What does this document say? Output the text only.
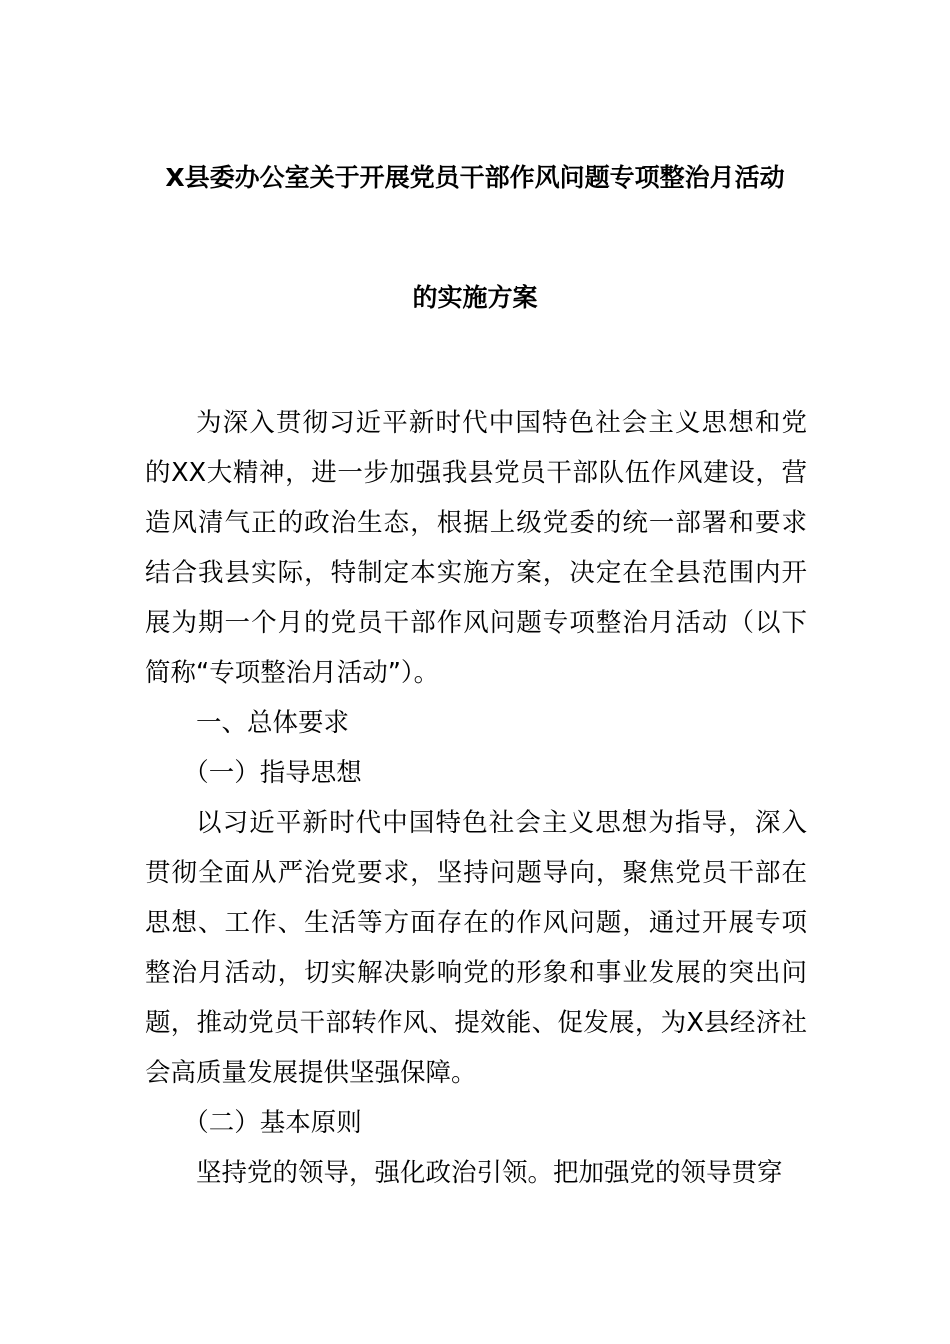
X县委办公室关于开展党员干部作风问题专项整治月活动
的实施方案

为深入贯彻习近平新时代中国特色社会主义思想和党的XX大精神，进一步加强我县党员干部队伍作风建设，营造风清气正的政治生态，根据上级党委的统一部署和要求结合我县实际，特制定本实施方案，决定在全县范围内开展为期一个月的党员干部作风问题专项整治月活动（以下简称“专项整治月活动”）。

一、总体要求

（一）指导思想

以习近平新时代中国特色社会主义思想为指导，深入贯彻全面从严治党要求，坚持问题导向，聚焦党员干部在思想、工作、生活等方面存在的作风问题，通过开展专项整治月活动，切实解决影响党的形象和事业发展的突出问题，推动党员干部转作风、提效能、促发展，为X县经济社会高质量发展提供坚强保障。

（二）基本原则

坚持党的领导，强化政治引领。把加强党的领导贯穿
